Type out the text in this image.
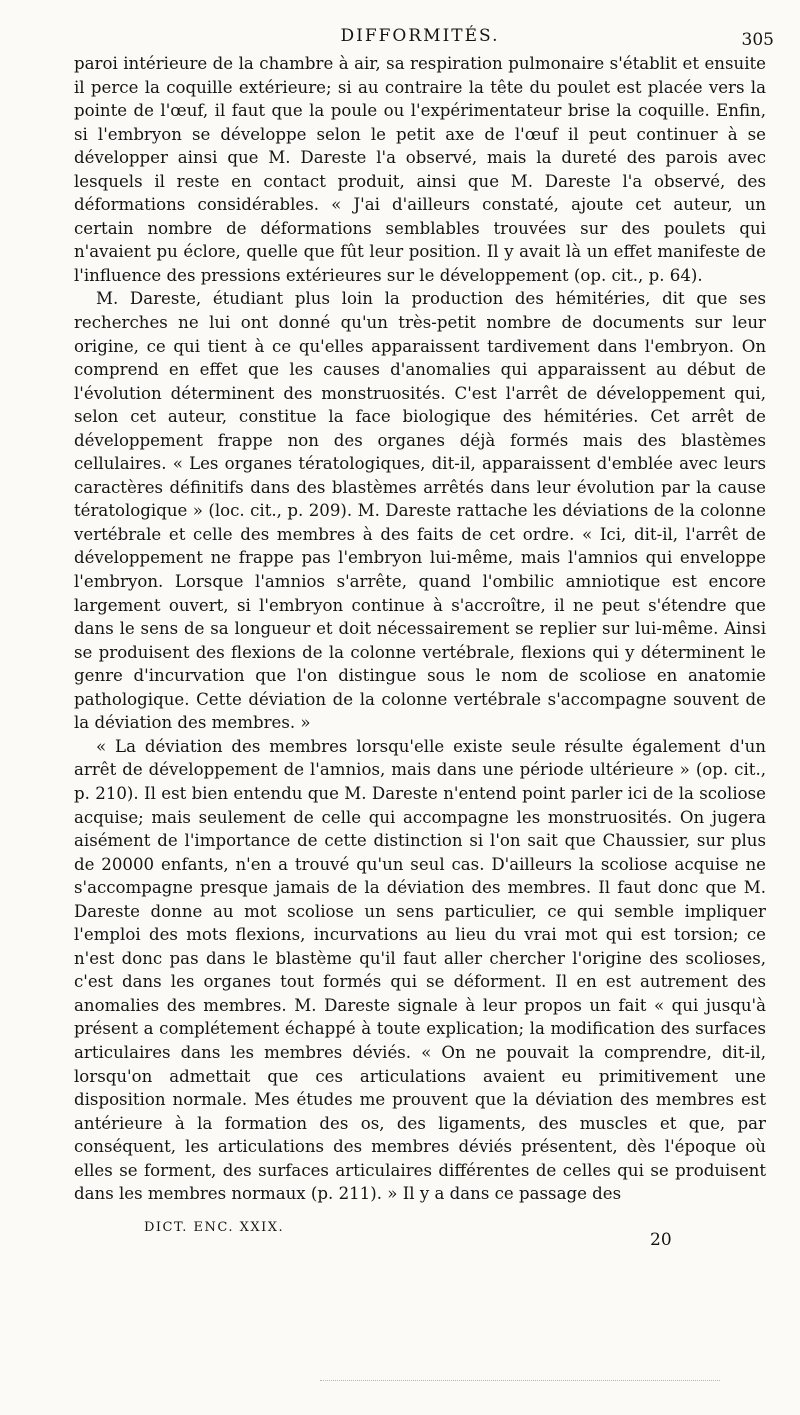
DIFFORMITÉS.	305

paroi intérieure de la chambre à air, sa respiration pulmonaire s'établit et ensuite il perce la coquille extérieure; si au contraire la tête du poulet est placée vers la pointe de l'œuf, il faut que la poule ou l'expérimentateur brise la coquille. Enfin, si l'embryon se développe selon le petit axe de l'œuf il peut continuer à se développer ainsi que M. Dareste l'a observé, mais la dureté des parois avec lesquels il reste en contact produit, ainsi que M. Dareste l'a observé, des déformations considérables. « J'ai d'ailleurs constaté, ajoute cet auteur, un certain nombre de déformations semblables trouvées sur des poulets qui n'avaient pu éclore, quelle que fût leur position. Il y avait là un effet manifeste de l'influence des pressions extérieures sur le développement (op. cit., p. 64).

M. Dareste, étudiant plus loin la production des hémitéries, dit que ses recherches ne lui ont donné qu'un très-petit nombre de documents sur leur origine, ce qui tient à ce qu'elles apparaissent tardivement dans l'embryon. On comprend en effet que les causes d'anomalies qui apparaissent au début de l'évolution déterminent des monstruosités. C'est l'arrêt de développement qui, selon cet auteur, constitue la face biologique des hémitéries. Cet arrêt de développement frappe non des organes déjà formés mais des blastèmes cellulaires. « Les organes tératologiques, dit-il, apparaissent d'emblée avec leurs caractères définitifs dans des blastèmes arrêtés dans leur évolution par la cause tératologique » (loc. cit., p. 209). M. Dareste rattache les déviations de la colonne vertébrale et celle des membres à des faits de cet ordre. « Ici, dit-il, l'arrêt de développement ne frappe pas l'embryon lui-même, mais l'amnios qui enveloppe l'embryon. Lorsque l'amnios s'arrête, quand l'ombilic amniotique est encore largement ouvert, si l'embryon continue à s'accroître, il ne peut s'étendre que dans le sens de sa longueur et doit nécessairement se replier sur lui-même. Ainsi se produisent des flexions de la colonne vertébrale, flexions qui y déterminent le genre d'incurvation que l'on distingue sous le nom de scoliose en anatomie pathologique. Cette déviation de la colonne vertébrale s'accompagne souvent de la déviation des membres. »

« La déviation des membres lorsqu'elle existe seule résulte également d'un arrêt de développement de l'amnios, mais dans une période ultérieure » (op. cit., p. 210). Il est bien entendu que M. Dareste n'entend point parler ici de la scoliose acquise; mais seulement de celle qui accompagne les monstruosités. On jugera aisément de l'importance de cette distinction si l'on sait que Chaussier, sur plus de 20000 enfants, n'en a trouvé qu'un seul cas. D'ailleurs la scoliose acquise ne s'accompagne presque jamais de la déviation des membres. Il faut donc que M. Dareste donne au mot scoliose un sens particulier, ce qui semble impliquer l'emploi des mots flexions, incurvations au lieu du vrai mot qui est torsion; ce n'est donc pas dans le blastème qu'il faut aller chercher l'origine des scolioses, c'est dans les organes tout formés qui se déforment. Il en est autrement des anomalies des membres. M. Dareste signale à leur propos un fait « qui jusqu'à présent a complétement échappé à toute explication; la modification des surfaces articulaires dans les membres déviés. « On ne pouvait la comprendre, dit-il, lorsqu'on admettait que ces articulations avaient eu primitivement une disposition normale. Mes études me prouvent que la déviation des membres est antérieure à la formation des os, des ligaments, des muscles et que, par conséquent, les articulations des membres déviés présentent, dès l'époque où elles se forment, des surfaces articulaires différentes de celles qui se produisent dans les membres normaux (p. 211). » Il y a dans ce passage des

DICT. ENC. XXIX.
20
